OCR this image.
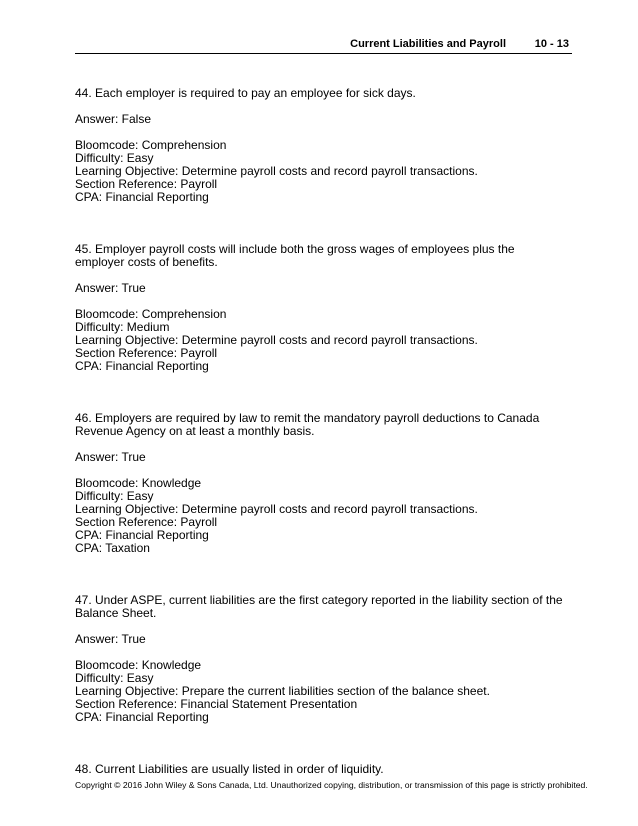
Current Liabilities and Payroll	10 - 13

44. Each employer is required to pay an employee for sick days.

Answer: False

Bloomcode: Comprehension
Difficulty: Easy
Learning Objective: Determine payroll costs and record payroll transactions.
Section Reference: Payroll
CPA: Financial Reporting

45. Employer payroll costs will include both the gross wages of employees plus the employer costs of benefits.

Answer: True

Bloomcode: Comprehension
Difficulty: Medium
Learning Objective: Determine payroll costs and record payroll transactions.
Section Reference: Payroll
CPA: Financial Reporting

46. Employers are required by law to remit the mandatory payroll deductions to Canada Revenue Agency on at least a monthly basis.

Answer: True

Bloomcode: Knowledge
Difficulty: Easy
Learning Objective: Determine payroll costs and record payroll transactions.
Section Reference: Payroll
CPA: Financial Reporting
CPA: Taxation

47. Under ASPE, current liabilities are the first category reported in the liability section of the Balance Sheet.

Answer: True

Bloomcode: Knowledge
Difficulty: Easy
Learning Objective: Prepare the current liabilities section of the balance sheet.
Section Reference: Financial Statement Presentation
CPA: Financial Reporting

48. Current Liabilities are usually listed in order of liquidity.

Copyright © 2016 John Wiley & Sons Canada, Ltd. Unauthorized copying, distribution, or transmission of this page is strictly prohibited.
